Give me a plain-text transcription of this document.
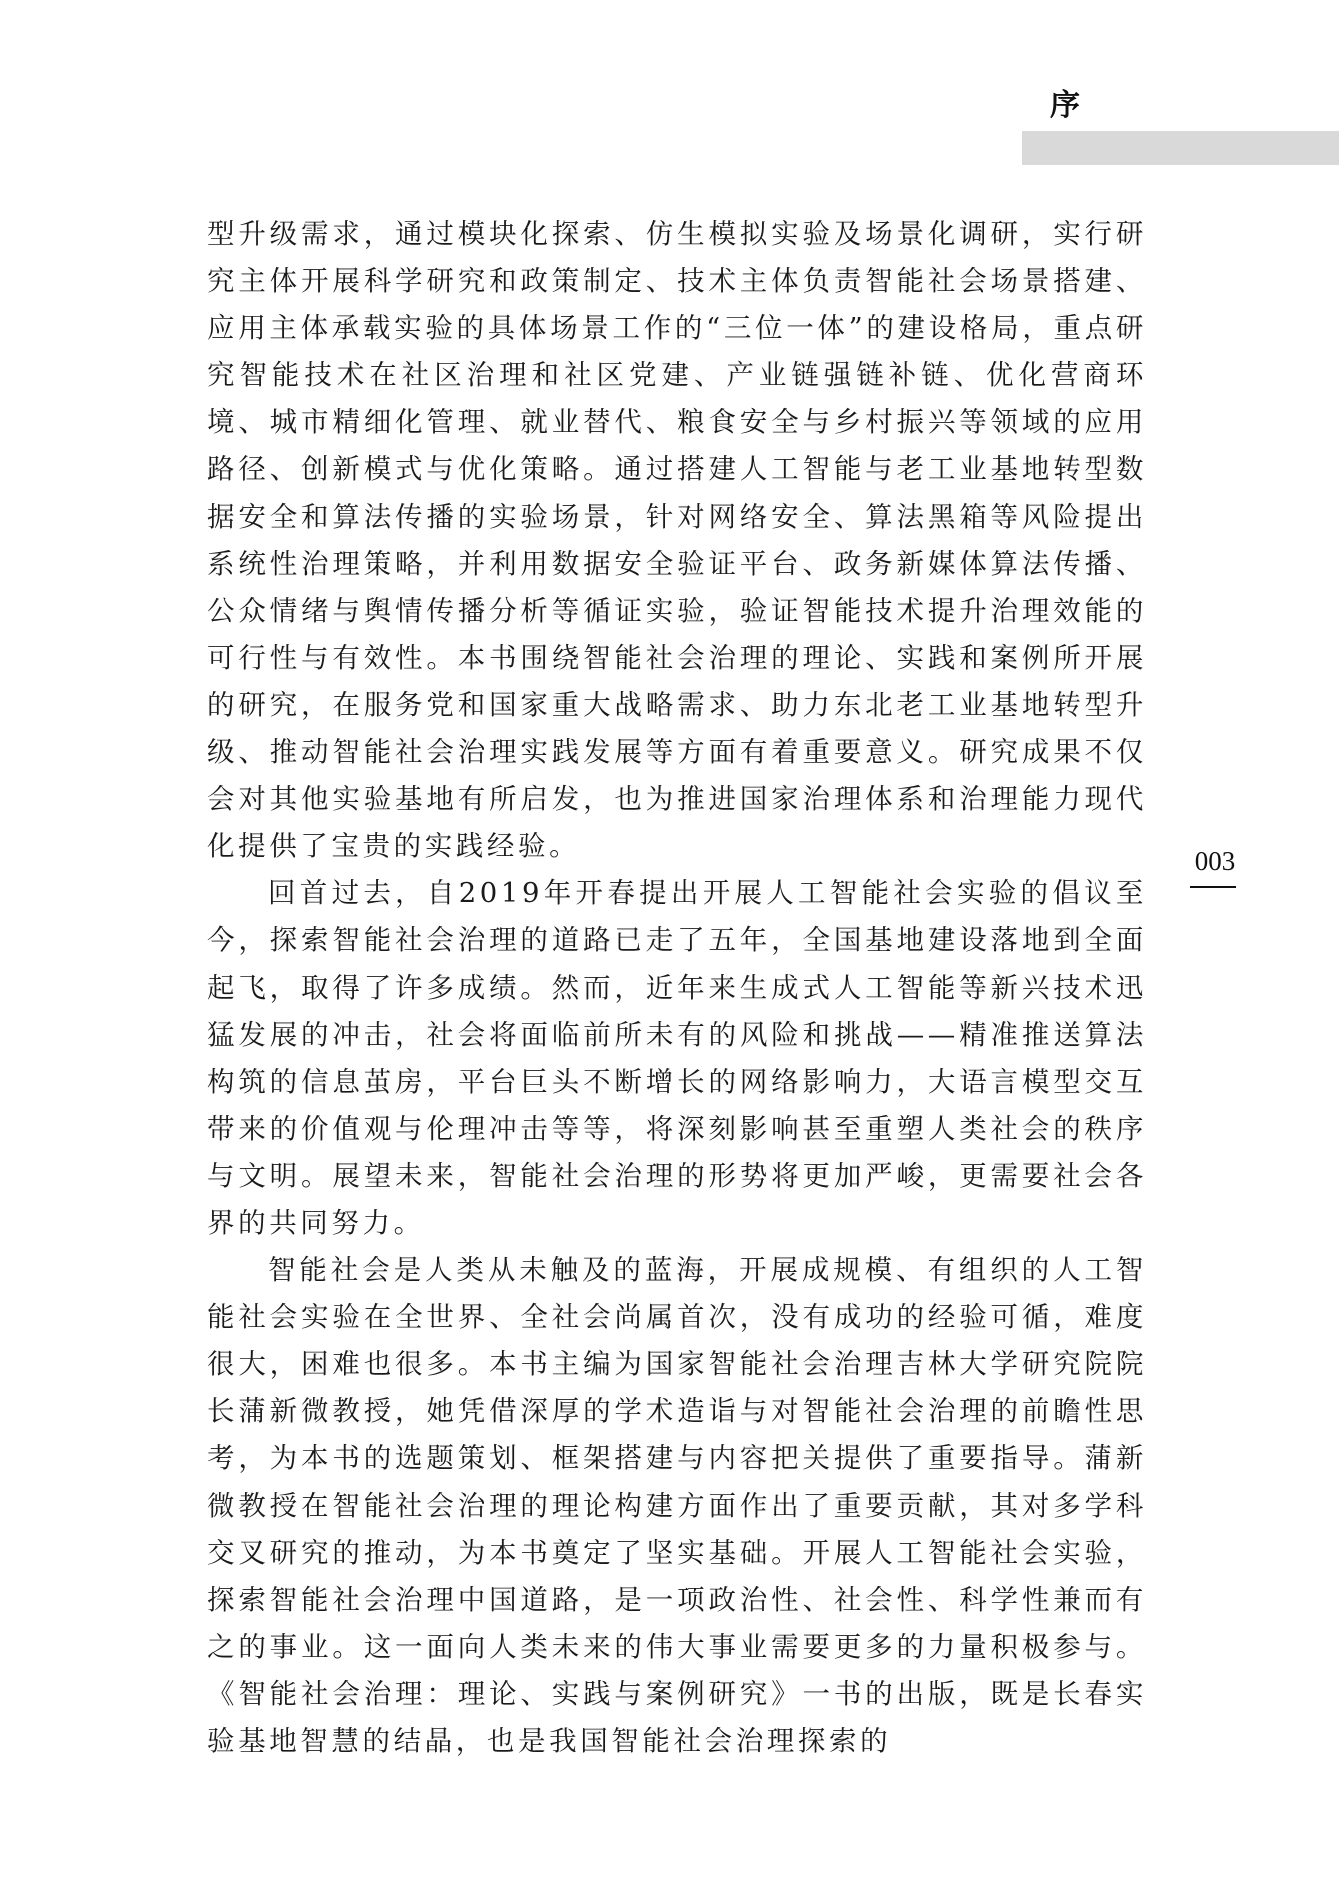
序
003

型升级需求，通过模块化探索、仿生模拟实验及场景化调研，实行研究主体开展科学研究和政策制定、技术主体负责智能社会场景搭建、应用主体承载实验的具体场景工作的“三位一体”的建设格局，重点研究智能技术在社区治理和社区党建、产业链强链补链、优化营商环境、城市精细化管理、就业替代、粮食安全与乡村振兴等领域的应用路径、创新模式与优化策略。通过搭建人工智能与老工业基地转型数据安全和算法传播的实验场景，针对网络安全、算法黑箱等风险提出系统性治理策略，并利用数据安全验证平台、政务新媒体算法传播、公众情绪与舆情传播分析等循证实验，验证智能技术提升治理效能的可行性与有效性。本书围绕智能社会治理的理论、实践和案例所开展的研究，在服务党和国家重大战略需求、助力东北老工业基地转型升级、推动智能社会治理实践发展等方面有着重要意义。研究成果不仅会对其他实验基地有所启发，也为推进国家治理体系和治理能力现代化提供了宝贵的实践经验。

回首过去，自2019年开春提出开展人工智能社会实验的倡议至今，探索智能社会治理的道路已走了五年，全国基地建设落地到全面起飞，取得了许多成绩。然而，近年来生成式人工智能等新兴技术迅猛发展的冲击，社会将面临前所未有的风险和挑战——精准推送算法构筑的信息茧房，平台巨头不断增长的网络影响力，大语言模型交互带来的价值观与伦理冲击等等，将深刻影响甚至重塑人类社会的秩序与文明。展望未来，智能社会治理的形势将更加严峻，更需要社会各界的共同努力。

智能社会是人类从未触及的蓝海，开展成规模、有组织的人工智能社会实验在全世界、全社会尚属首次，没有成功的经验可循，难度很大，困难也很多。本书主编为国家智能社会治理吉林大学研究院院长蒲新微教授，她凭借深厚的学术造诣与对智能社会治理的前瞻性思考，为本书的选题策划、框架搭建与内容把关提供了重要指导。蒲新微教授在智能社会治理的理论构建方面作出了重要贡献，其对多学科交叉研究的推动，为本书奠定了坚实基础。开展人工智能社会实验，探索智能社会治理中国道路，是一项政治性、社会性、科学性兼而有之的事业。这一面向人类未来的伟大事业需要更多的力量积极参与。《智能社会治理：理论、实践与案例研究》一书的出版，既是长春实验基地智慧的结晶，也是我国智能社会治理探索的
